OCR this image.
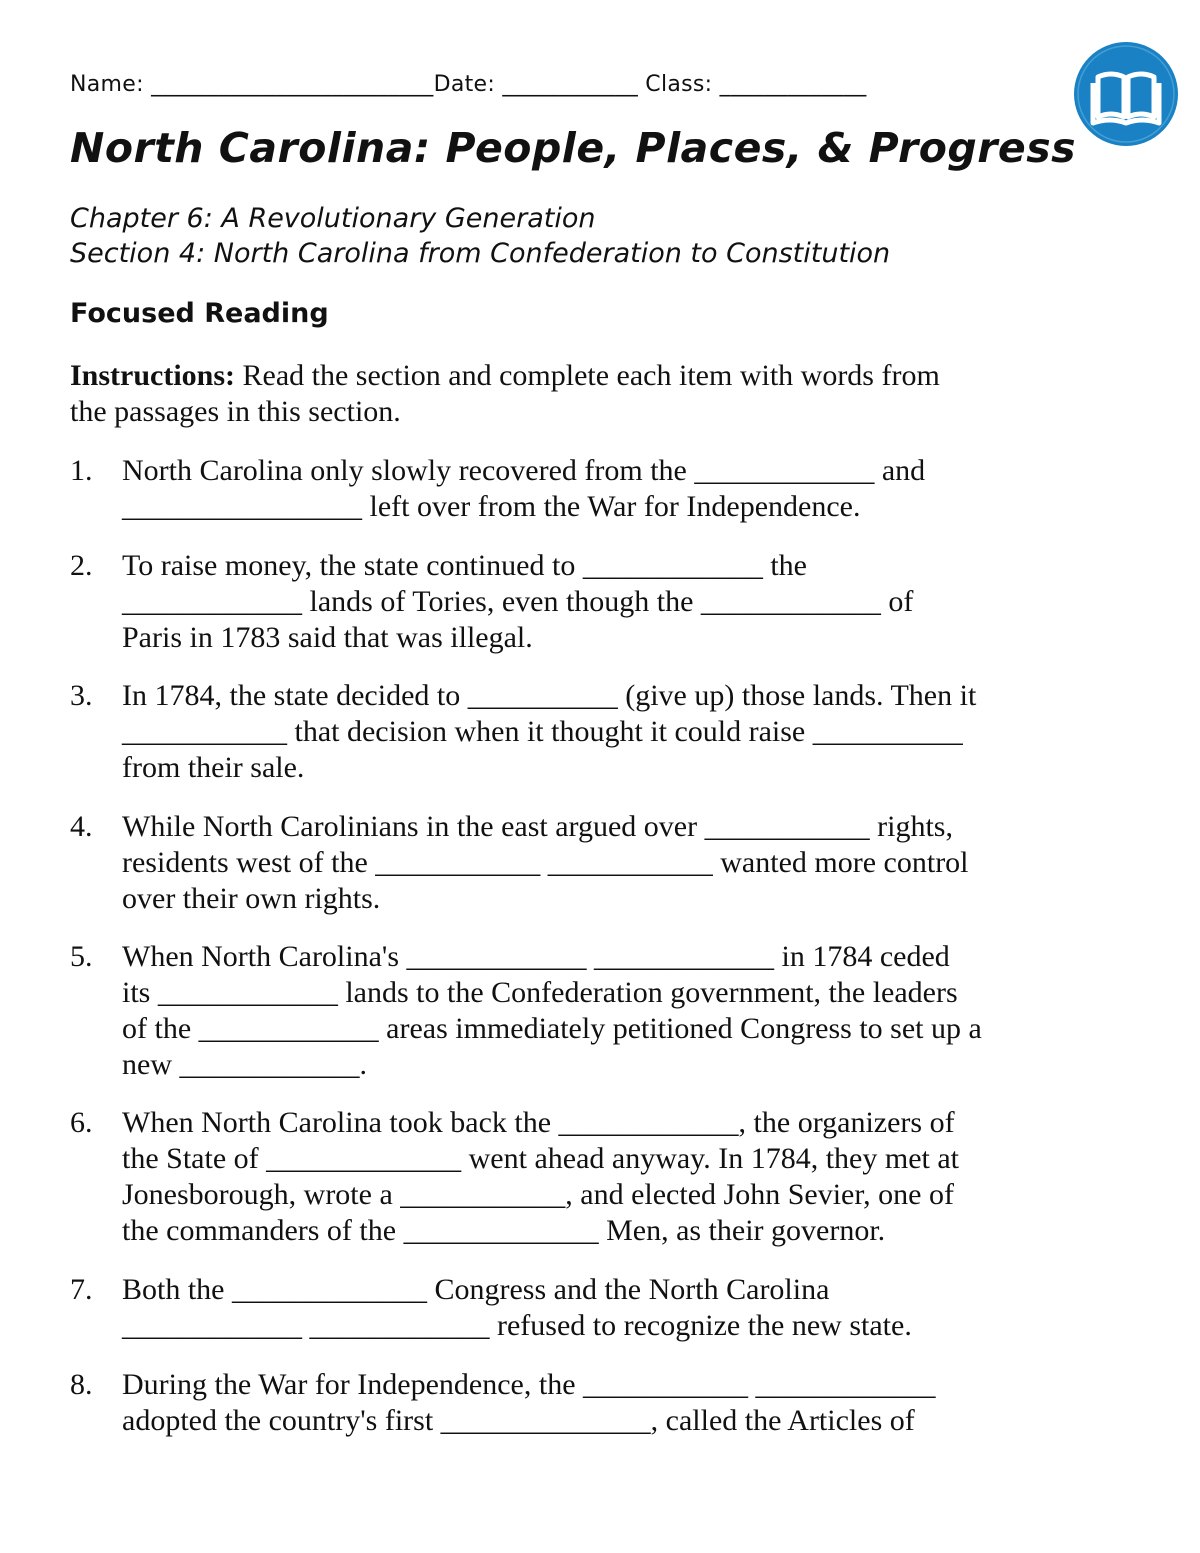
Name: _________________________Date: ____________ Class: _____________
North Carolina: People, Places, & Progress

Chapter 6: A Revolutionary Generation

Section 4: North Carolina from Confederation to Constitution

Focused Reading

Instructions: Read the section and complete each item with words from
the passages in this section.
1. North Carolina only slowly recovered from the ____________ and
________________ left over from the War for Independence.
2. To raise money, the state continued to ____________ the
____________ lands of Tories, even though the ____________ of
Paris in 1783 said that was illegal.
3. In 1784, the state decided to __________ (give up) those lands. Then it
___________ that decision when it thought it could raise __________
from their sale.
4. While North Carolinians in the east argued over ___________ rights,
residents west of the ___________ ___________ wanted more control
over their own rights.
5. When North Carolina's ____________ ____________ in 1784 ceded
its ____________ lands to the Confederation government, the leaders
of the ____________ areas immediately petitioned Congress to set up a
new ____________.
6. When North Carolina took back the ____________, the organizers of
the State of _____________ went ahead anyway. In 1784, they met at
Jonesborough, wrote a ___________, and elected John Sevier, one of
the commanders of the _____________ Men, as their governor.
7. Both the _____________ Congress and the North Carolina
____________ ____________ refused to recognize the new state.
8. During the War for Independence, the ___________ ____________
adopted the country's first ______________, called the Articles of
